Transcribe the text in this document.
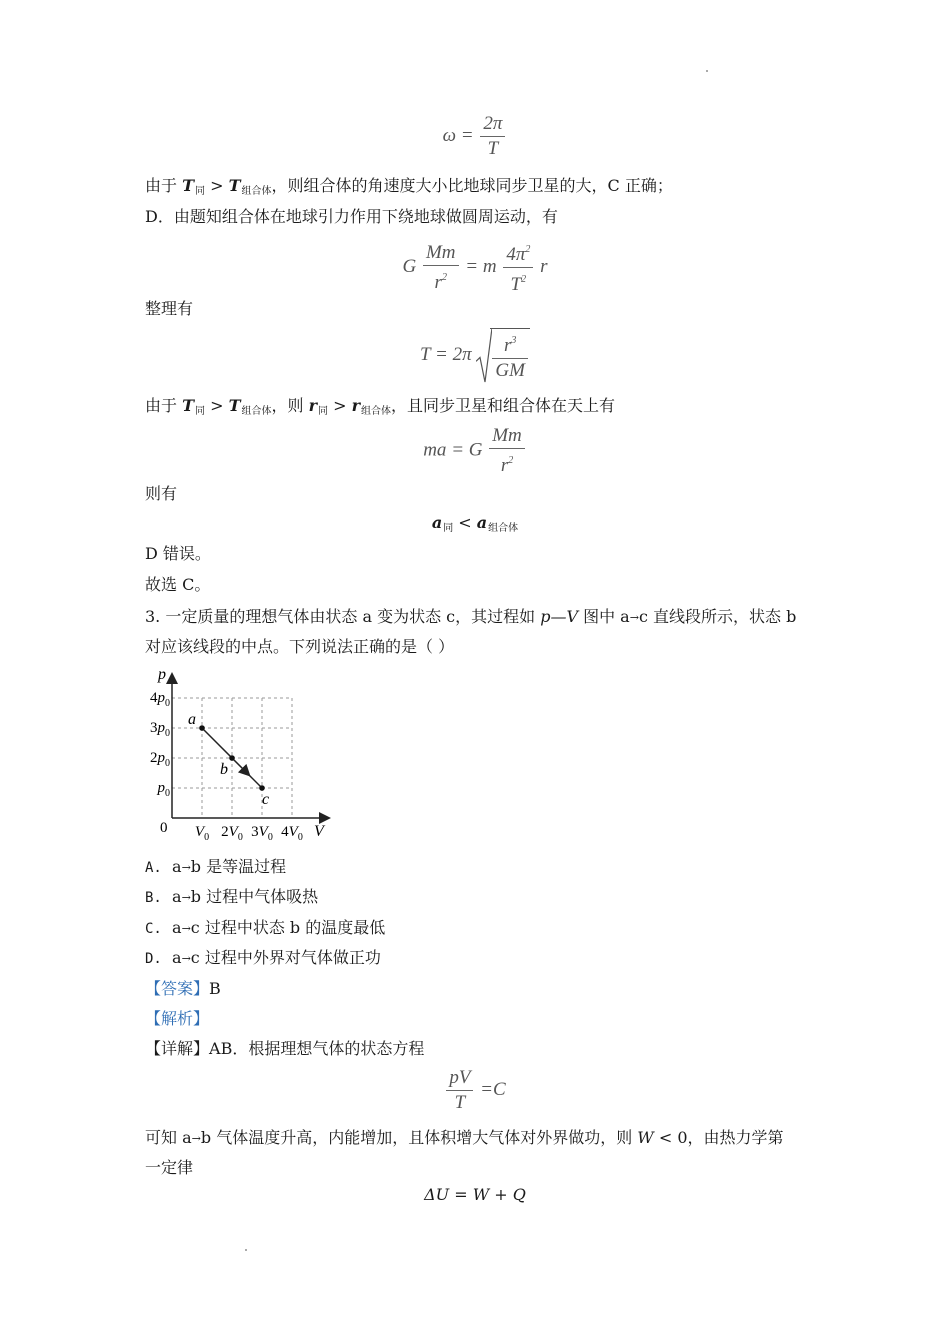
$\omega = \frac{2\pi}{T}$
由于 $T_同 > T_{组合体}$，则组合体的角速度大小比地球同步卫星的大，C 正确；
D．由题知组合体在地球引力作用下绕地球做圆周运动，有
G $\frac{Mm}{r^2} = m \frac{4\pi^2}{T^2}$ r
整理有
$T = 2\pi \frac{r^3}{GM}$
由于 $T_同 > T_{组合体}$，则 $r_同 > r_{组合体}$，且同步卫星和组合体在天上有
ma = G $\frac{Mm}{r^2}$
则有
$a_同 < a_{组合体}$
D 错误。
故选 C。
3. 一定质量的理想气体由状态 a 变为状态 c，其过程如 p—V 图中 a→c 直线段所示，状态 b
对应该线段的中点。下列说法正确的是（ ）
p
V
0
$4p_0$
$3p_0$
$2p_0$
$p_0$
$V_0$ $2V_0$ $3V_0$ $4V_0$
a
b
c
A. a→b 是等温过程
B. a→b 过程中气体吸热
C. a→c 过程中状态 b 的温度最低
D. a→c 过程中外界对气体做正功
【答案】B
【解析】
【详解】AB．根据理想气体的状态方程
$\frac{pV}{T} =C$
可知 a→b 气体温度升高，内能增加，且体积增大气体对外界做功，则 W < 0，由热力学第
一定律
ΔU = W + Q
